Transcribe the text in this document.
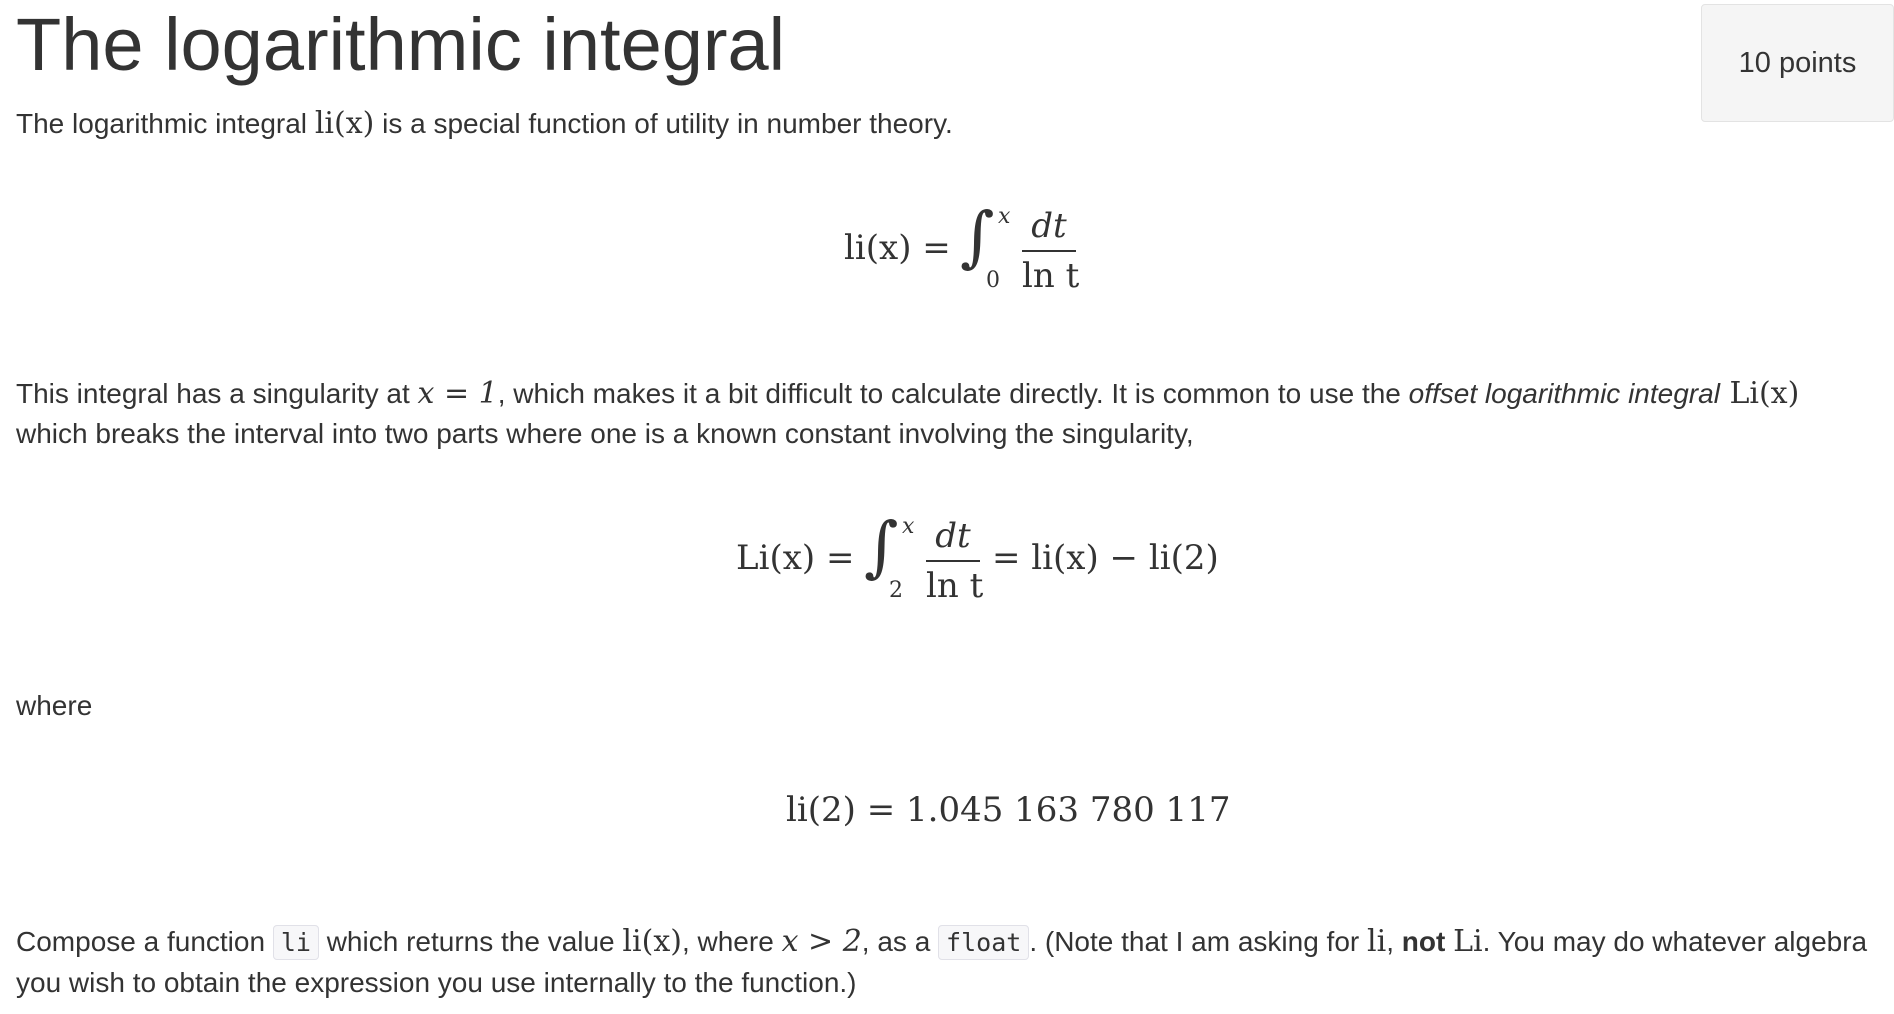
The logarithmic integral	10 points
The logarithmic integral li(x) is a special function of utility in number theory.
li(x) = ∫ x
0
dt
ln t
This integral has a singularity at x = 1, which makes it a bit difficult to calculate directly. It is common to use the offset logarithmic integral Li(x)
which breaks the interval into two parts where one is a known constant involving the singularity,
Li(x) = ∫ x
2
dt
ln t
= li(x) − li(2)
where
li(2) = 1.045 163 780 117
Compose a function li which returns the value li(x), where x > 2, as a float . (Note that I am asking for li, not Li. You may do whatever algebra
you wish to obtain the expression you use internally to the function.)
